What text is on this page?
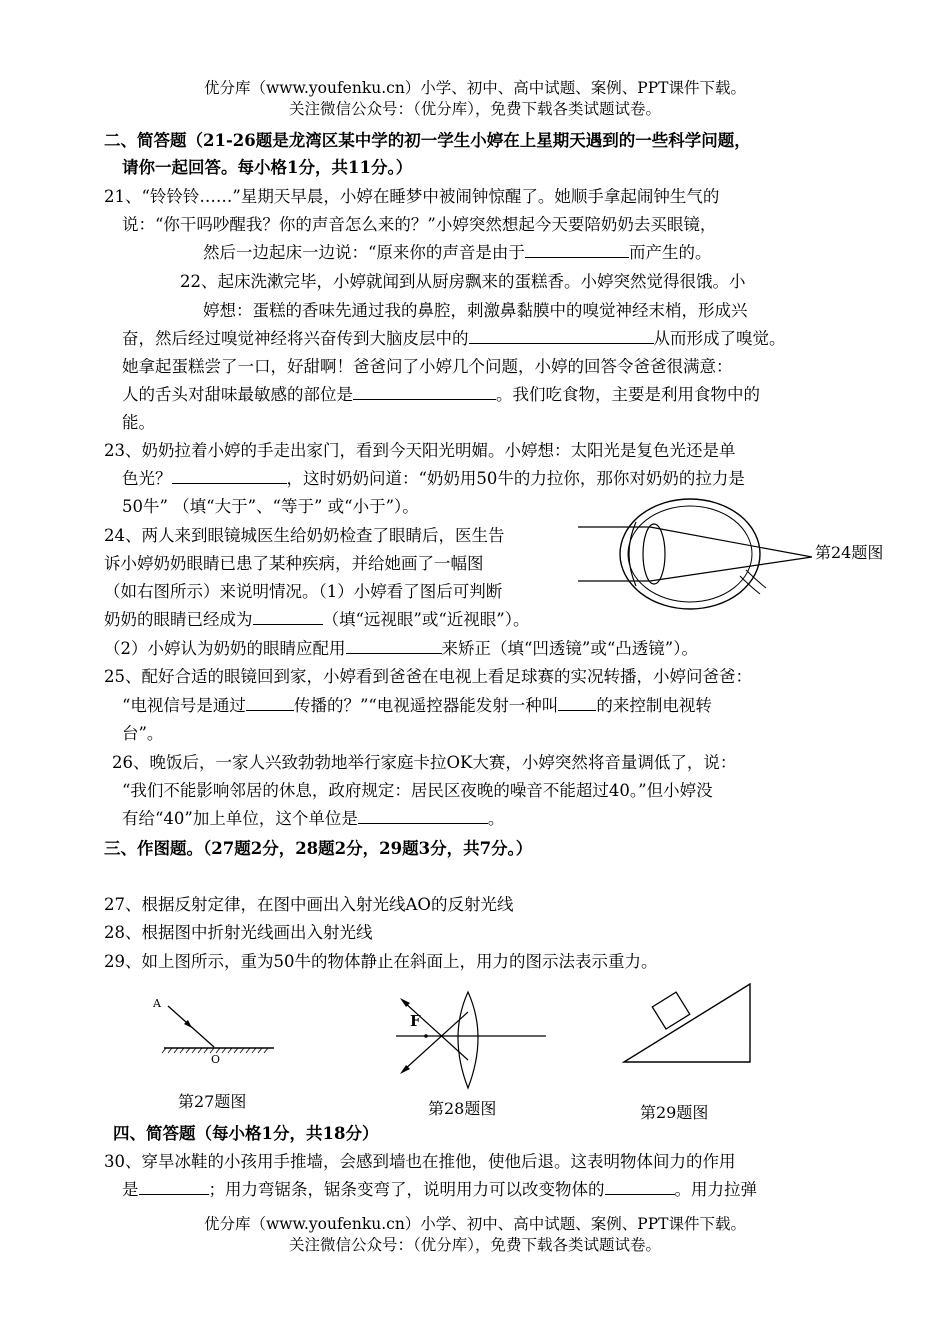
优分库（www.youfenku.cn）小学、初中、高中试题、案例、PPT课件下载。
关注微信公众号：（优分库），免费下载各类试题试卷。
二、简答题（21-26题是龙湾区某中学的初一学生小婷在上星期天遇到的一些科学问题，
请你一起回答。每小格1分，共11分。）
21、“铃铃铃……”星期天早晨，小婷在睡梦中被闹钟惊醒了。她顺手拿起闹钟生气的
说：“你干吗吵醒我？你的声音怎么来的？”小婷突然想起今天要陪奶奶去买眼镜，
然后一边起床一边说：“原来你的声音是由于	而产生的。
22、起床洗漱完毕，小婷就闻到从厨房飘来的蛋糕香。小婷突然觉得很饿。小
婷想：蛋糕的香味先通过我的鼻腔，刺激鼻黏膜中的嗅觉神经末梢，形成兴
奋，然后经过嗅觉神经将兴奋传到大脑皮层中的	从而形成了嗅觉。
她拿起蛋糕尝了一口，好甜啊！爸爸问了小婷几个问题，小婷的回答令爸爸很满意：
人的舌头对甜味最敏感的部位是	。我们吃食物，主要是利用食物中的
能。
23、奶奶拉着小婷的手走出家门，看到今天阳光明媚。小婷想：太阳光是复色光还是单
色光？	，这时奶奶问道：“奶奶用50牛的力拉你，那你对奶奶的拉力是
50牛” （填“大于”、“等于” 或“小于”）。
24、两人来到眼镜城医生给奶奶检查了眼睛后，医生告
诉小婷奶奶眼睛已患了某种疾病，并给她画了一幅图
（如右图所示）来说明情况。（1）小婷看了图后可判断
奶奶的眼睛已经成为	（填“远视眼”或“近视眼”）。
（2）小婷认为奶奶的眼睛应配用	来矫正（填“凹透镜”或“凸透镜”）。
第24题图
25、配好合适的眼镜回到家，小婷看到爸爸在电视上看足球赛的实况转播，小婷问爸爸：
“电视信号是通过	传播的？”“电视遥控器能发射一种叫 的来控制电视转
台”。
26、晚饭后，一家人兴致勃勃地举行家庭卡拉OK大赛，小婷突然将音量调低了，说：
“我们不能影响邻居的休息，政府规定：居民区夜晚的噪音不能超过40。”但小婷没
有给“40”加上单位，这个单位是	。
三、作图题。（27题2分，28题2分，29题3分，共7分。）
27、根据反射定律，在图中画出入射光线AO的反射光线
28、根据图中折射光线画出入射光线
29、如上图所示，重为50牛的物体静止在斜面上，用力的图示法表示重力。
A
O
第27题图
F
第28题图	第29题图
四、简答题（每小格1分，共18分）
30、穿旱冰鞋的小孩用手推墙，会感到墙也在推他，使他后退。这表明物体间力的作用
是	；用力弯锯条，锯条变弯了，说明用力可以改变物体的	。用力拉弹
优分库（www.youfenku.cn）小学、初中、高中试题、案例、PPT课件下载。
关注微信公众号：（优分库），免费下载各类试题试卷。
